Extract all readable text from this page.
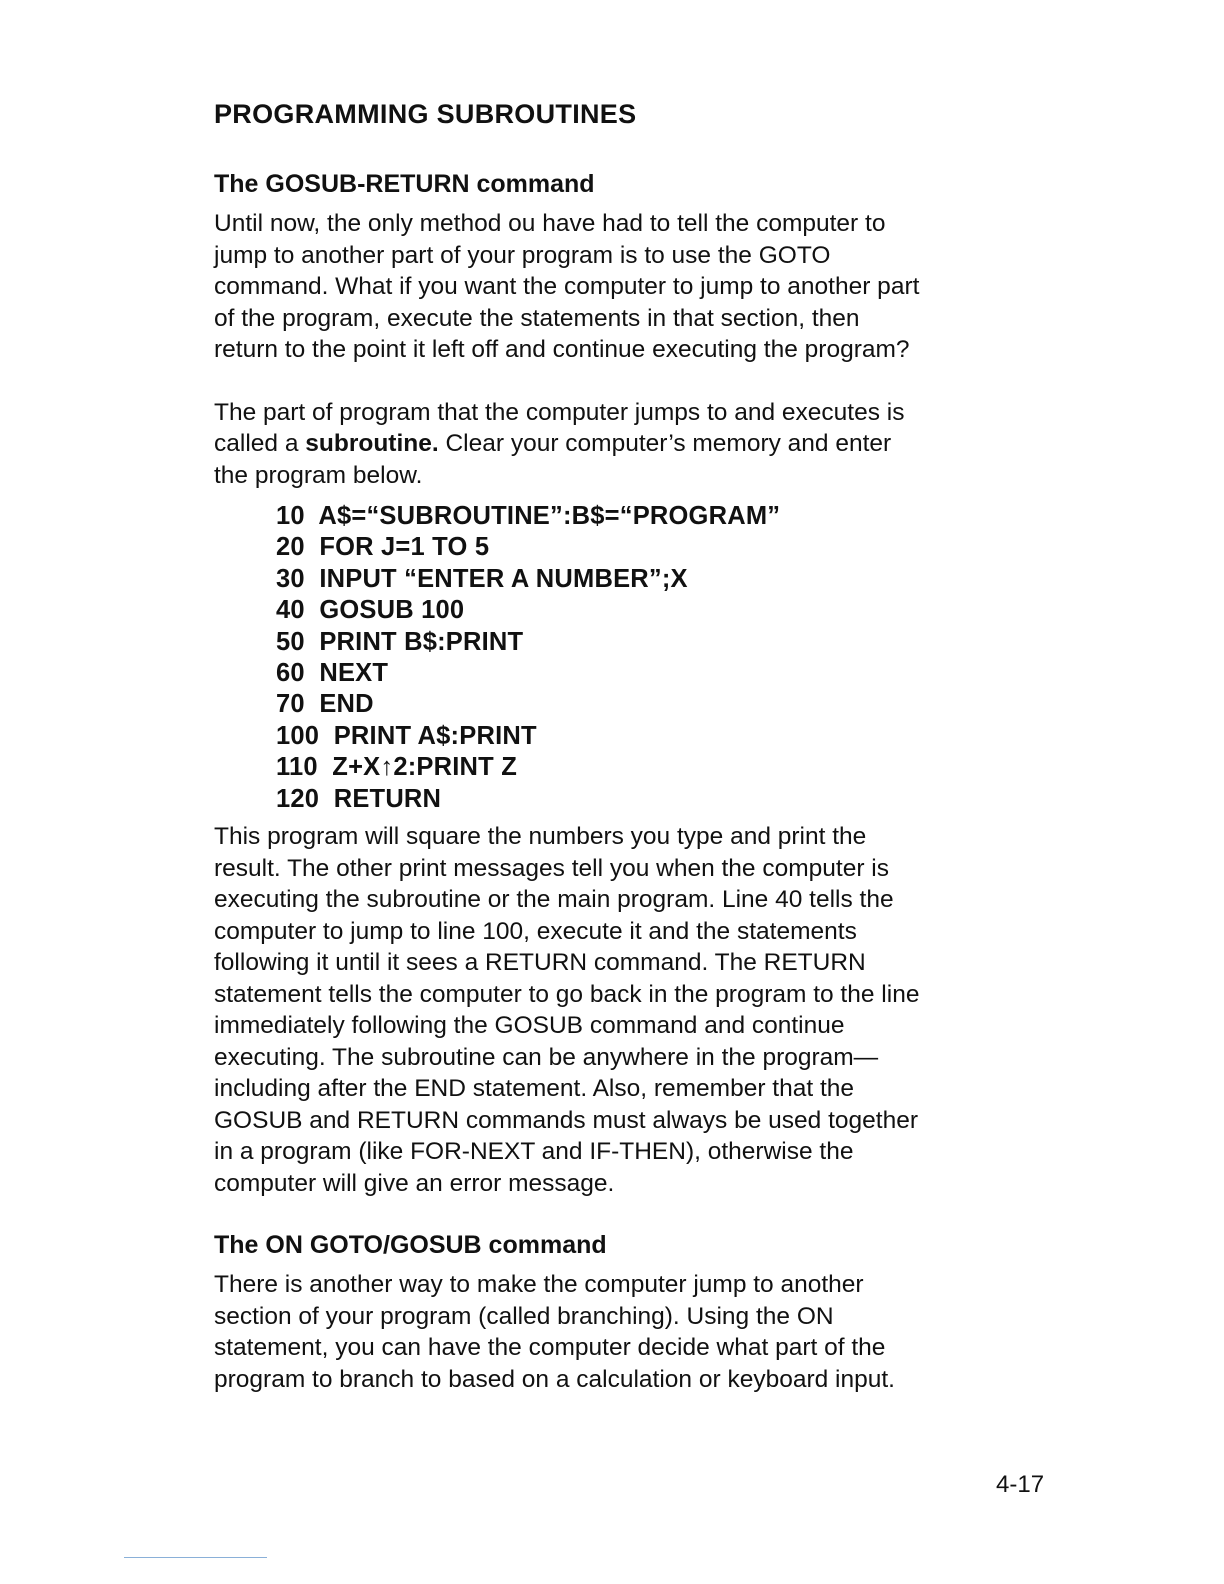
PROGRAMMING SUBROUTINES
The GOSUB-RETURN command

Until now, the only method ou have had to tell the computer to
jump to another part of your program is to use the GOTO
command. What if you want the computer to jump to another part
of the program, execute the statements in that section, then
return to the point it left off and continue executing the program?

The part of program that the computer jumps to and executes is
called a subroutine. Clear your computer’s memory and enter
the program below.

10  A$=“SUBROUTINE”:B$=“PROGRAM”
20  FOR J=1 TO 5
30  INPUT “ENTER A NUMBER”;X
40  GOSUB 100
50  PRINT B$:PRINT
60  NEXT
70  END
100  PRINT A$:PRINT
110  Z+X↑2:PRINT Z
120  RETURN

This program will square the numbers you type and print the
result. The other print messages tell you when the computer is
executing the subroutine or the main program. Line 40 tells the
computer to jump to line 100, execute it and the statements
following it until it sees a RETURN command. The RETURN
statement tells the computer to go back in the program to the line
immediately following the GOSUB command and continue
executing. The subroutine can be anywhere in the program—
including after the END statement. Also, remember that the
GOSUB and RETURN commands must always be used together
in a program (like FOR-NEXT and IF-THEN), otherwise the
computer will give an error message.

The ON GOTO/GOSUB command

There is another way to make the computer jump to another
section of your program (called branching). Using the ON
statement, you can have the computer decide what part of the
program to branch to based on a calculation or keyboard input.

4-17
